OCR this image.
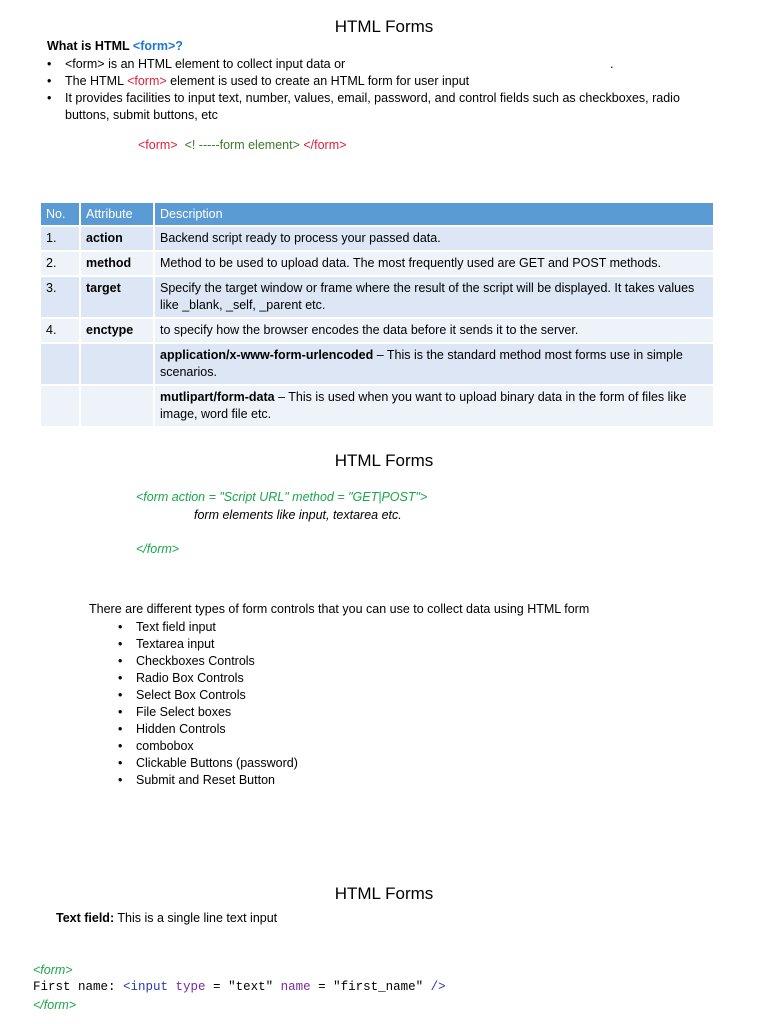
HTML Forms
What is HTML <form>?
• <form> is an HTML element to collect input data or
• The HTML <form> element is used to create an HTML form for user input
• It provides facilities to input text, number, values, email, password, and control fields such as checkboxes, radio buttons, submit buttons, etc
.
<form> <! -----form element> </form>
No.	Attribute	Description
1.	action	Backend script ready to process your passed data.
2.	method	Method to be used to upload data. The most frequently used are GET and POST methods.
3.	target	Specify the target window or frame where the result of the script will be displayed. It takes values like _blank, _self, _parent etc.
4.	enctype	to specify how the browser encodes the data before it sends it to the server.
		application/x-www-form-urlencoded – This is the standard method most forms use in simple scenarios.
		mutlipart/form-data – This is used when you want to upload binary data in the form of files like image, word file etc.
HTML Forms
<form action = "Script URL" method = "GET|POST">
form elements like input, textarea etc.
</form>
There are different types of form controls that you can use to collect data using HTML form
• Text field input
• Textarea input
• Checkboxes Controls
• Radio Box Controls
• Select Box Controls
• File Select boxes
• Hidden Controls
• combobox
• Clickable Buttons (password)
• Submit and Reset Button
HTML Forms
Text field: This is a single line text input
<form>
First name: <input type = "text" name = "first_name" />
</form>
